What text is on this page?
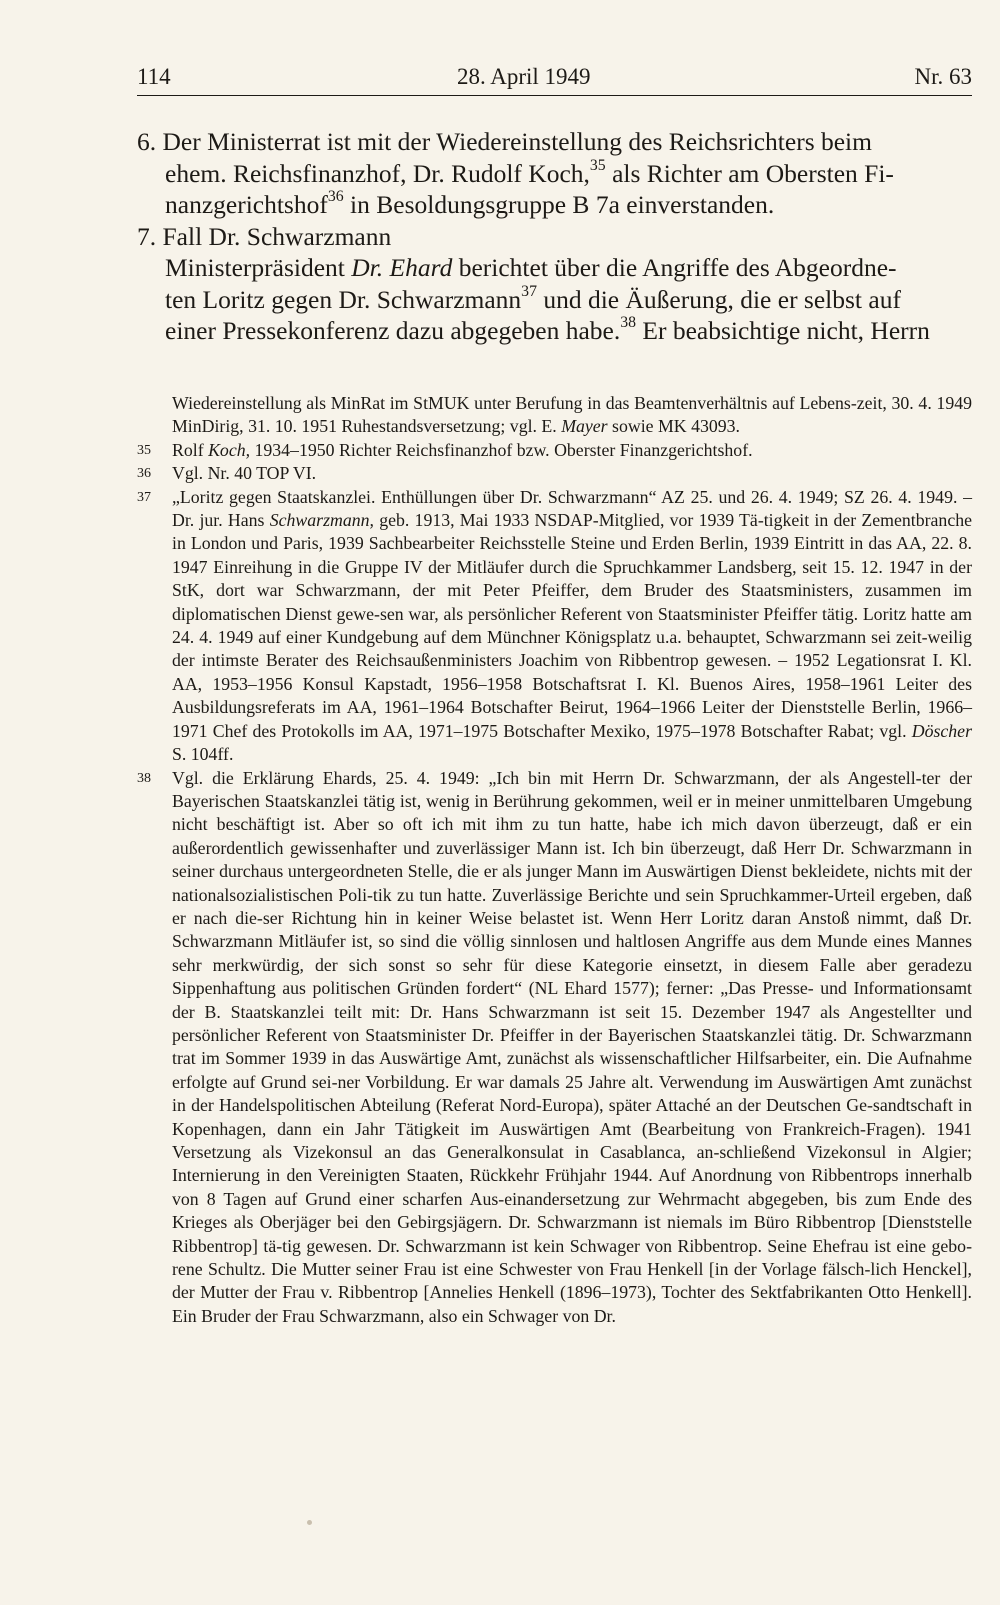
114	28. April 1949	Nr. 63

6. Der Ministerrat ist mit der Wiedereinstellung des Reichsrichters beim
ehem. Reichsfinanzhof, Dr. Rudolf Koch,$^{35}$ als Richter am Obersten Fi-
nanzgerichtshof$^{36}$ in Besoldungsgruppe B 7a einverstanden.

7. Fall Dr. Schwarzmann
Ministerpräsident Dr. Ehard berichtet über die Angriffe des Abgeordne-
ten Loritz gegen Dr. Schwarzmann$^{37}$ und die Äußerung, die er selbst auf
einer Pressekonferenz dazu abgegeben habe.$^{38}$ Er beabsichtige nicht, Herrn

Wiedereinstellung als MinRat im StMUK unter Berufung in das Beamtenverhältnis auf Lebens-zeit, 30. 4. 1949 MinDirig, 31. 10. 1951 Ruhestandsversetzung; vgl. E. Mayer sowie MK 43093.

35 Rolf Koch, 1934–1950 Richter Reichsfinanzhof bzw. Oberster Finanzgerichtshof.

36 Vgl. Nr. 40 TOP VI.

37 „Loritz gegen Staatskanzlei. Enthüllungen über Dr. Schwarzmann“ AZ 25. und 26. 4. 1949; SZ 26. 4. 1949. – Dr. jur. Hans Schwarzmann, geb. 1913, Mai 1933 NSDAP-Mitglied, vor 1939 Tä-tigkeit in der Zementbranche in London und Paris, 1939 Sachbearbeiter Reichsstelle Steine und Erden Berlin, 1939 Eintritt in das AA, 22. 8. 1947 Einreihung in die Gruppe IV der Mitläufer durch die Spruchkammer Landsberg, seit 15. 12. 1947 in der StK, dort war Schwarzmann, der mit Peter Pfeiffer, dem Bruder des Staatsministers, zusammen im diplomatischen Dienst gewe-sen war, als persönlicher Referent von Staatsminister Pfeiffer tätig. Loritz hatte am 24. 4. 1949 auf einer Kundgebung auf dem Münchner Königsplatz u.a. behauptet, Schwarzmann sei zeit-weilig der intimste Berater des Reichsaußenministers Joachim von Ribbentrop gewesen. – 1952 Legationsrat I. Kl. AA, 1953–1956 Konsul Kapstadt, 1956–1958 Botschaftsrat I. Kl. Buenos Aires, 1958–1961 Leiter des Ausbildungsreferats im AA, 1961–1964 Botschafter Beirut, 1964–1966 Leiter der Dienststelle Berlin, 1966–1971 Chef des Protokolls im AA, 1971–1975 Botschafter Mexiko, 1975–1978 Botschafter Rabat; vgl. Döscher S. 104ff.

38 Vgl. die Erklärung Ehards, 25. 4. 1949: „Ich bin mit Herrn Dr. Schwarzmann, der als Angestell-ter der Bayerischen Staatskanzlei tätig ist, wenig in Berührung gekommen, weil er in meiner unmittelbaren Umgebung nicht beschäftigt ist. Aber so oft ich mit ihm zu tun hatte, habe ich mich davon überzeugt, daß er ein außerordentlich gewissenhafter und zuverlässiger Mann ist. Ich bin überzeugt, daß Herr Dr. Schwarzmann in seiner durchaus untergeordneten Stelle, die er als junger Mann im Auswärtigen Dienst bekleidete, nichts mit der nationalsozialistischen Poli-tik zu tun hatte. Zuverlässige Berichte und sein Spruchkammer-Urteil ergeben, daß er nach die-ser Richtung hin in keiner Weise belastet ist. Wenn Herr Loritz daran Anstoß nimmt, daß Dr. Schwarzmann Mitläufer ist, so sind die völlig sinnlosen und haltlosen Angriffe aus dem Munde eines Mannes sehr merkwürdig, der sich sonst so sehr für diese Kategorie einsetzt, in diesem Falle aber geradezu Sippenhaftung aus politischen Gründen fordert“ (NL Ehard 1577); ferner: „Das Presse- und Informationsamt der B. Staatskanzlei teilt mit: Dr. Hans Schwarzmann ist seit 15. Dezember 1947 als Angestellter und persönlicher Referent von Staatsminister Dr. Pfeiffer in der Bayerischen Staatskanzlei tätig. Dr. Schwarzmann trat im Sommer 1939 in das Auswärtige Amt, zunächst als wissenschaftlicher Hilfsarbeiter, ein. Die Aufnahme erfolgte auf Grund sei-ner Vorbildung. Er war damals 25 Jahre alt. Verwendung im Auswärtigen Amt zunächst in der Handelspolitischen Abteilung (Referat Nord-Europa), später Attaché an der Deutschen Ge-sandtschaft in Kopenhagen, dann ein Jahr Tätigkeit im Auswärtigen Amt (Bearbeitung von Frankreich-Fragen). 1941 Versetzung als Vizekonsul an das Generalkonsulat in Casablanca, an-schließend Vizekonsul in Algier; Internierung in den Vereinigten Staaten, Rückkehr Frühjahr 1944. Auf Anordnung von Ribbentrops innerhalb von 8 Tagen auf Grund einer scharfen Aus-einandersetzung zur Wehrmacht abgegeben, bis zum Ende des Krieges als Oberjäger bei den Gebirgsjägern. Dr. Schwarzmann ist niemals im Büro Ribbentrop [Dienststelle Ribbentrop] tä-tig gewesen. Dr. Schwarzmann ist kein Schwager von Ribbentrop. Seine Ehefrau ist eine gebo-rene Schultz. Die Mutter seiner Frau ist eine Schwester von Frau Henkell [in der Vorlage fälsch-lich Henckel], der Mutter der Frau v. Ribbentrop [Annelies Henkell (1896–1973), Tochter des Sektfabrikanten Otto Henkell]. Ein Bruder der Frau Schwarzmann, also ein Schwager von Dr.
